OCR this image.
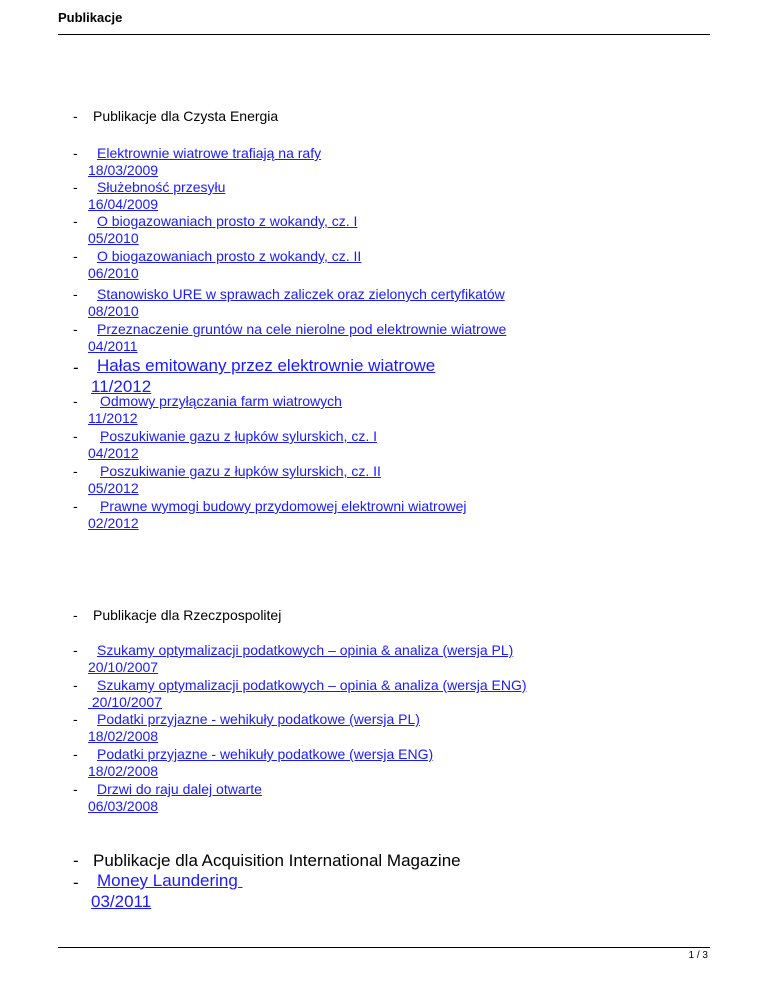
Publikacje
- Publikacje dla Czysta Energia
- Elektrownie wiatrowe trafiają na rafy
18/03/2009
- Służebność przesyłu
16/04/2009
- O biogazowaniach prosto z wokandy, cz. I
05/2010
- O biogazowaniach prosto z wokandy, cz. II
06/2010
- Stanowisko URE w sprawach zaliczek oraz zielonych certyfikatów
08/2010
- Przeznaczenie gruntów na cele nierolne pod elektrownie wiatrowe
04/2011
- Hałas emitowany przez elektrownie wiatrowe
11/2012
- Odmowy przyłączania farm wiatrowych
11/2012
- Poszukiwanie gazu z łupków sylurskich, cz. I
04/2012
- Poszukiwanie gazu z łupków sylurskich, cz. II
05/2012
- Prawne wymogi budowy przydomowej elektrowni wiatrowej
02/2012
- Publikacje dla Rzeczpospolitej
- Szukamy optymalizacji podatkowych – opinia & analiza (wersja PL)
20/10/2007
- Szukamy optymalizacji podatkowych – opinia & analiza (wersja ENG)
20/10/2007
- Podatki przyjazne - wehikuły podatkowe (wersja PL)
18/02/2008
- Podatki przyjazne - wehikuły podatkowe (wersja ENG)
18/02/2008
- Drzwi do raju dalej otwarte
06/03/2008
- Publikacje dla Acquisition International Magazine
- Money Laundering
03/2011
1 / 3
